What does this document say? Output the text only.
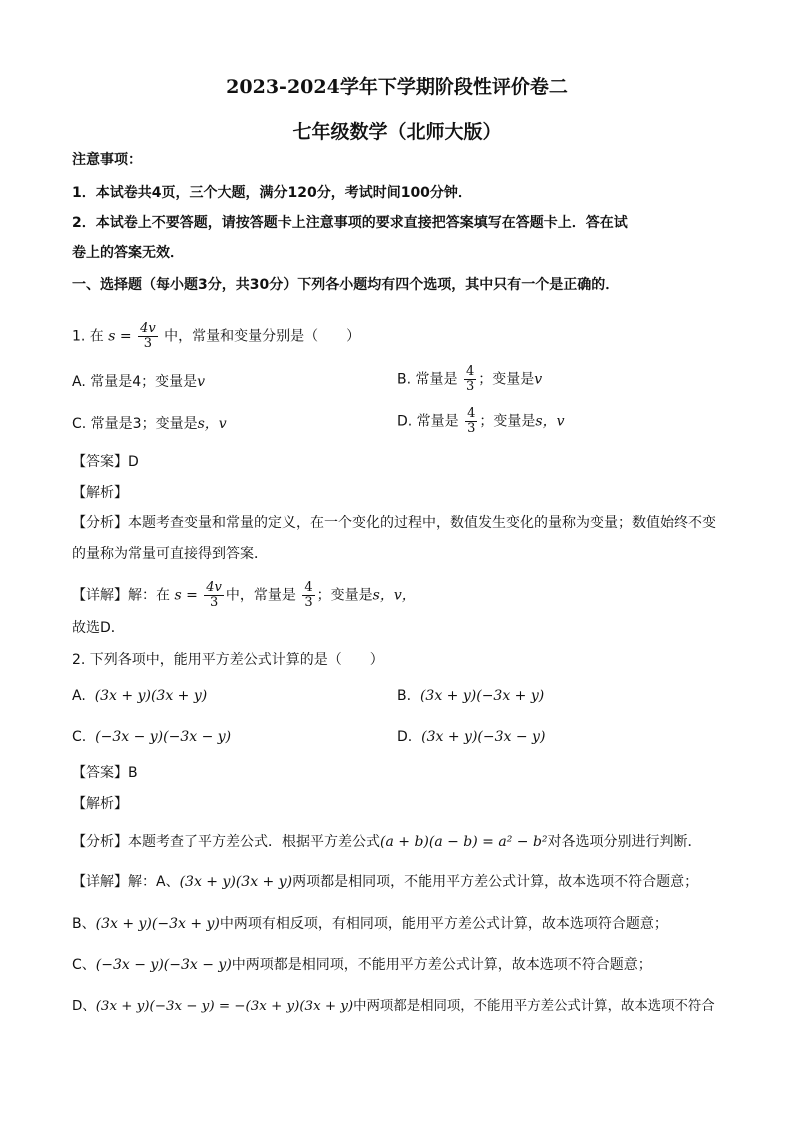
2023-2024学年下学期阶段性评价卷二
七年级数学（北师大版）
注意事项：
1．本试卷共4页，三个大题，满分120分，考试时间100分钟．
2．本试卷上不要答题，请按答题卡上注意事项的要求直接把答案填写在答题卡上．答在试
卷上的答案无效．
一、选择题（每小题3分，共30分）下列各小题均有四个选项，其中只有一个是正确的．
1. 在 $s = \frac{4v}{3}$ 中，常量和变量分别是（　　）
A. 常量是4；变量是v	B. 常量是 $\frac{4}{3}$ ；变量是v
C. 常量是3；变量是s，v	D. 常量是 $\frac{4}{3}$ ；变量是s，v
【答案】D
【解析】
【分析】本题考查变量和常量的定义，在一个变化的过程中，数值发生变化的量称为变量；数值始终不变
的量称为常量可直接得到答案．
【详解】解：在 $s = \frac{4v}{3}$ 中，常量是 $\frac{4}{3}$ ；变量是s，v，
故选D．
2. 下列各项中，能用平方差公式计算的是（　　）
A. (3x + y)(3x + y)	B. (3x + y)(−3x + y)
C. (−3x − y)(−3x − y)	D. (3x + y)(−3x − y)
【答案】B
【解析】
【分析】本题考查了平方差公式．根据平方差公式(a + b)(a − b) = a² − b²对各选项分别进行判断．
【详解】解：A、(3x + y)(3x + y)两项都是相同项，不能用平方差公式计算，故本选项不符合题意；
B、(3x + y)(−3x + y)中两项有相反项，有相同项，能用平方差公式计算，故本选项符合题意；
C、(−3x − y)(−3x − y)中两项都是相同项，不能用平方差公式计算，故本选项不符合题意；
D、(3x + y)(−3x − y) = −(3x + y)(3x + y)中两项都是相同项，不能用平方差公式计算，故本选项不符合
